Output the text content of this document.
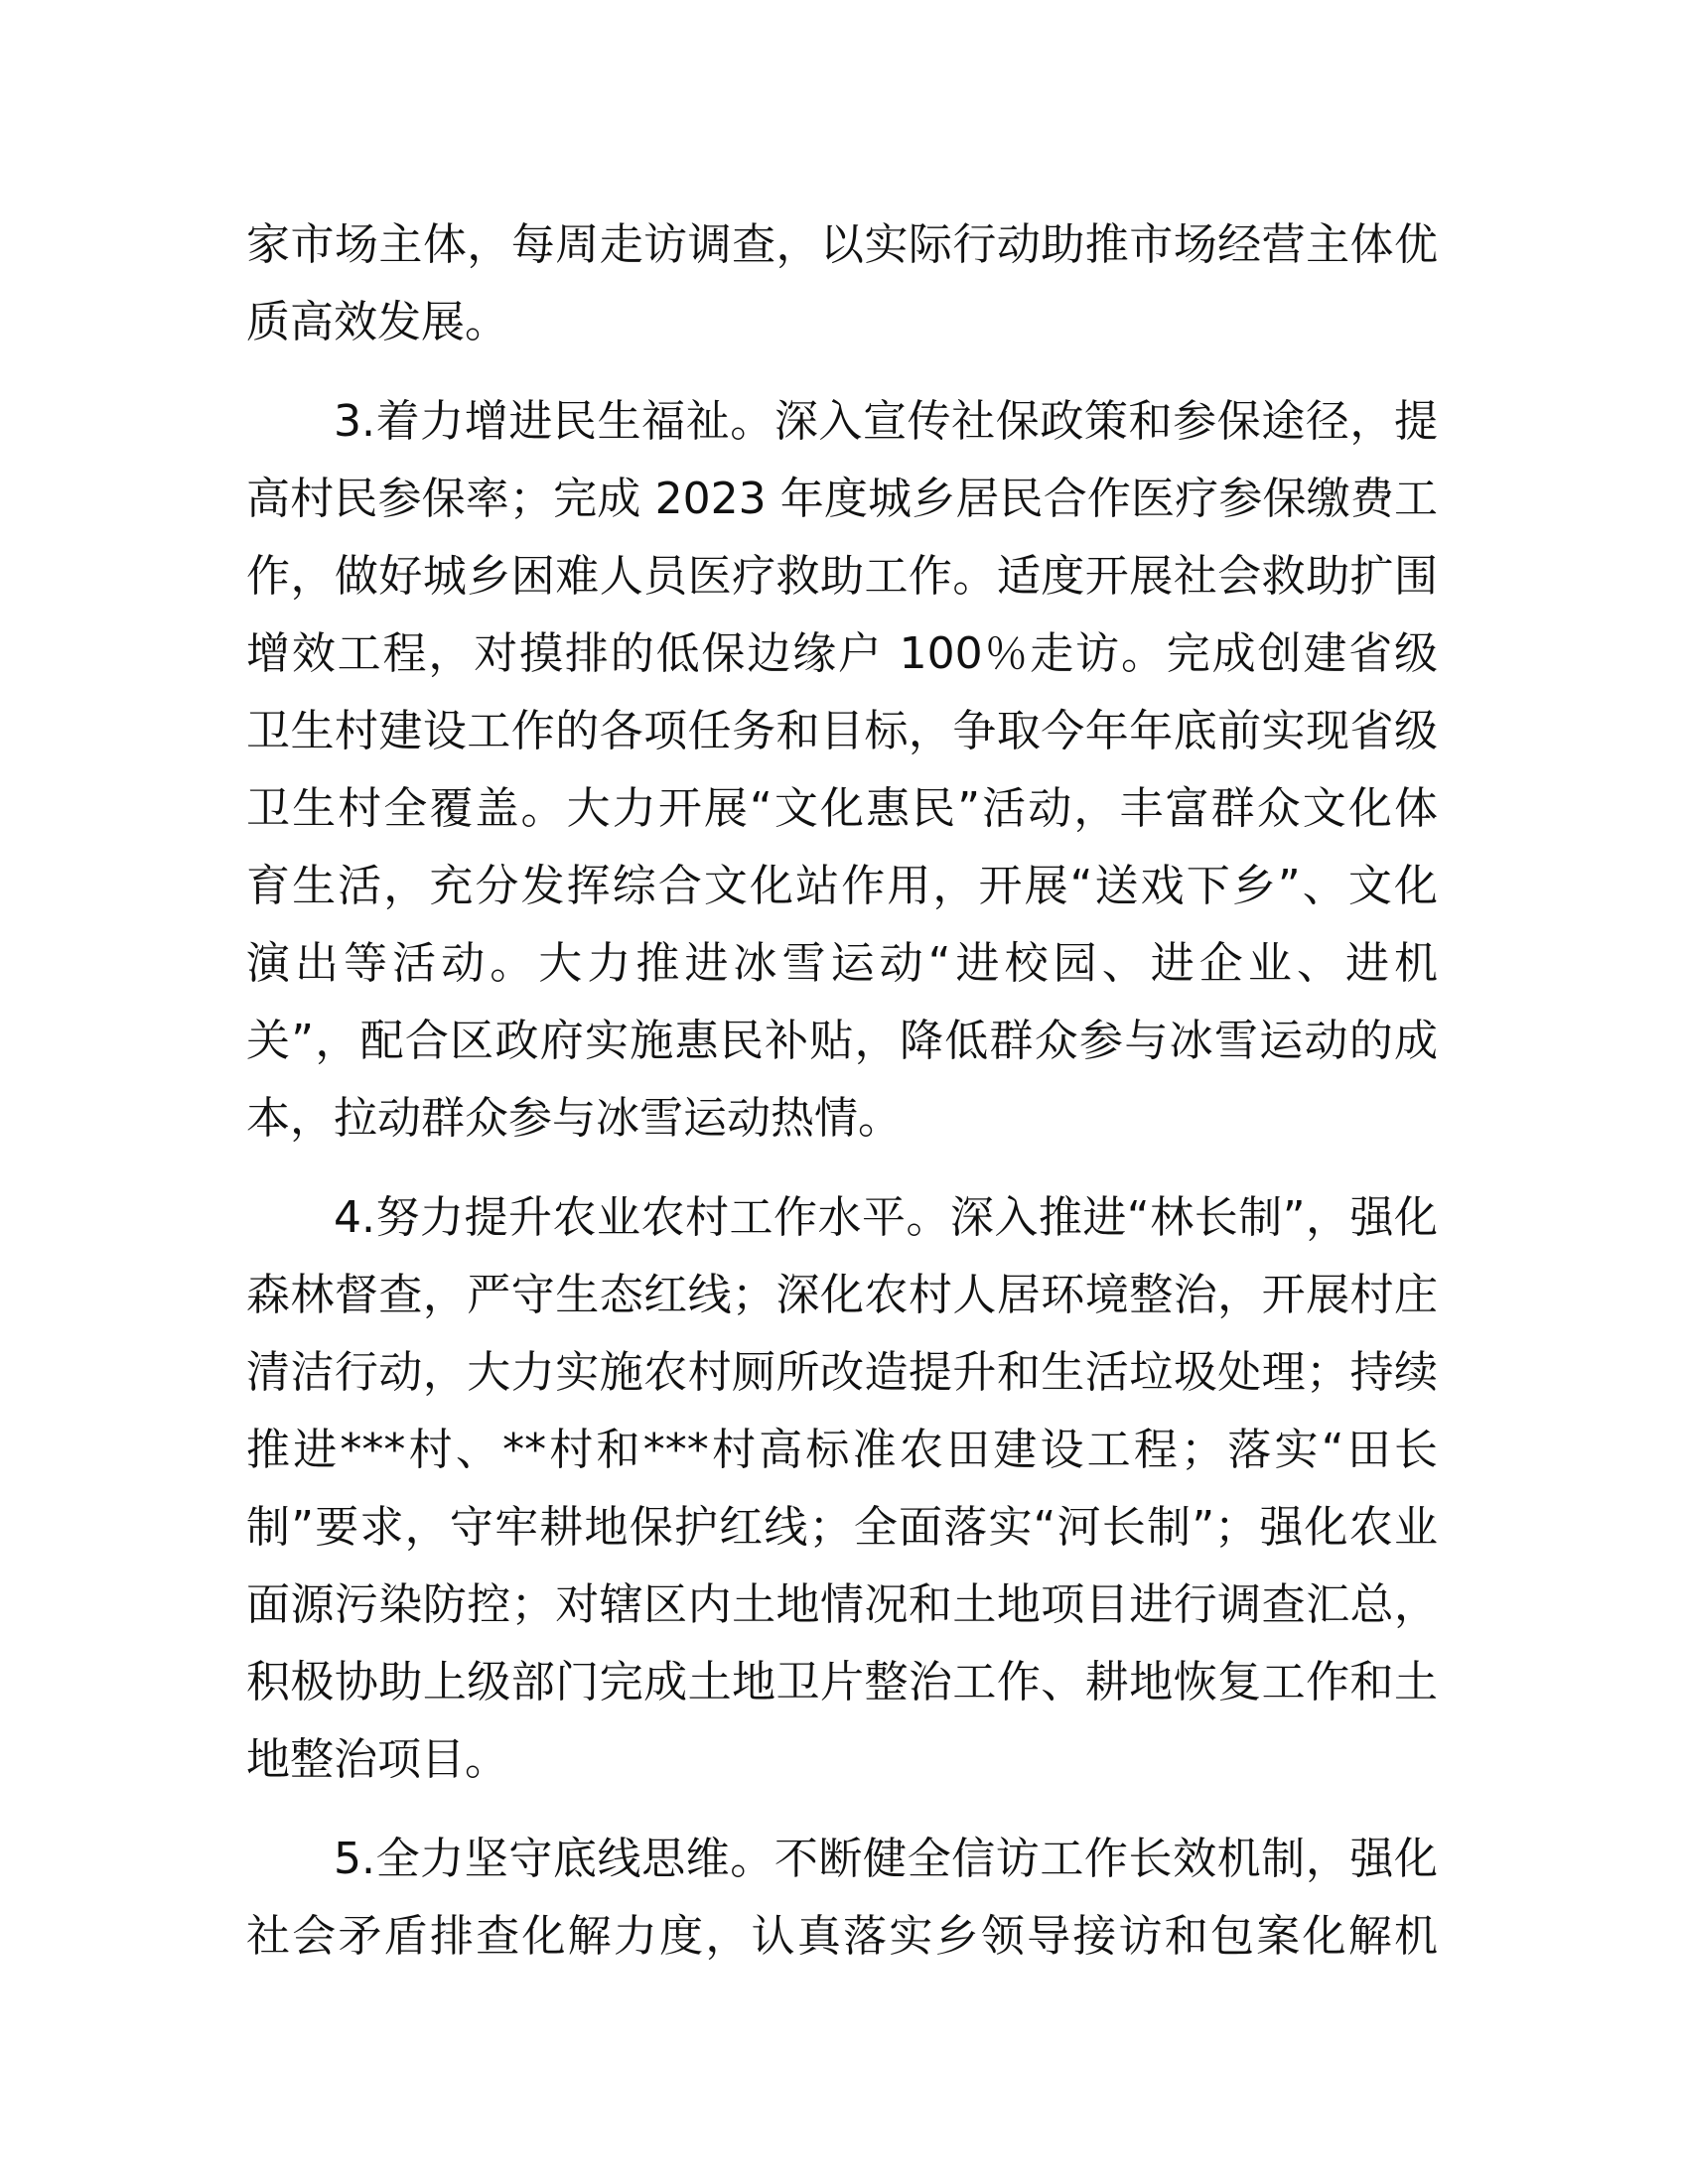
家市场主体，每周走访调查，以实际行动助推市场经营主体优
质高效发展。

3.着力增进民生福祉。深入宣传社保政策和参保途径，提
高村民参保率；完成 2023 年度城乡居民合作医疗参保缴费工
作，做好城乡困难人员医疗救助工作。适度开展社会救助扩围
增效工程，对摸排的低保边缘户 100％走访。完成创建省级
卫生村建设工作的各项任务和目标，争取今年年底前实现省级
卫生村全覆盖。大力开展“文化惠民”活动，丰富群众文化体
育生活，充分发挥综合文化站作用，开展“送戏下乡”、文化
演出等活动。大力推进冰雪运动“进校园、进企业、进机
关”，配合区政府实施惠民补贴，降低群众参与冰雪运动的成
本，拉动群众参与冰雪运动热情。

4.努力提升农业农村工作水平。深入推进“林长制”，强化
森林督查，严守生态红线；深化农村人居环境整治，开展村庄
清洁行动，大力实施农村厕所改造提升和生活垃圾处理；持续
推进***村、**村和***村高标准农田建设工程；落实“田长
制”要求，守牢耕地保护红线；全面落实“河长制”；强化农业
面源污染防控；对辖区内土地情况和土地项目进行调查汇总，
积极协助上级部门完成土地卫片整治工作、耕地恢复工作和土
地整治项目。

5.全力坚守底线思维。不断健全信访工作长效机制，强化
社会矛盾排查化解力度，认真落实乡领导接访和包案化解机
